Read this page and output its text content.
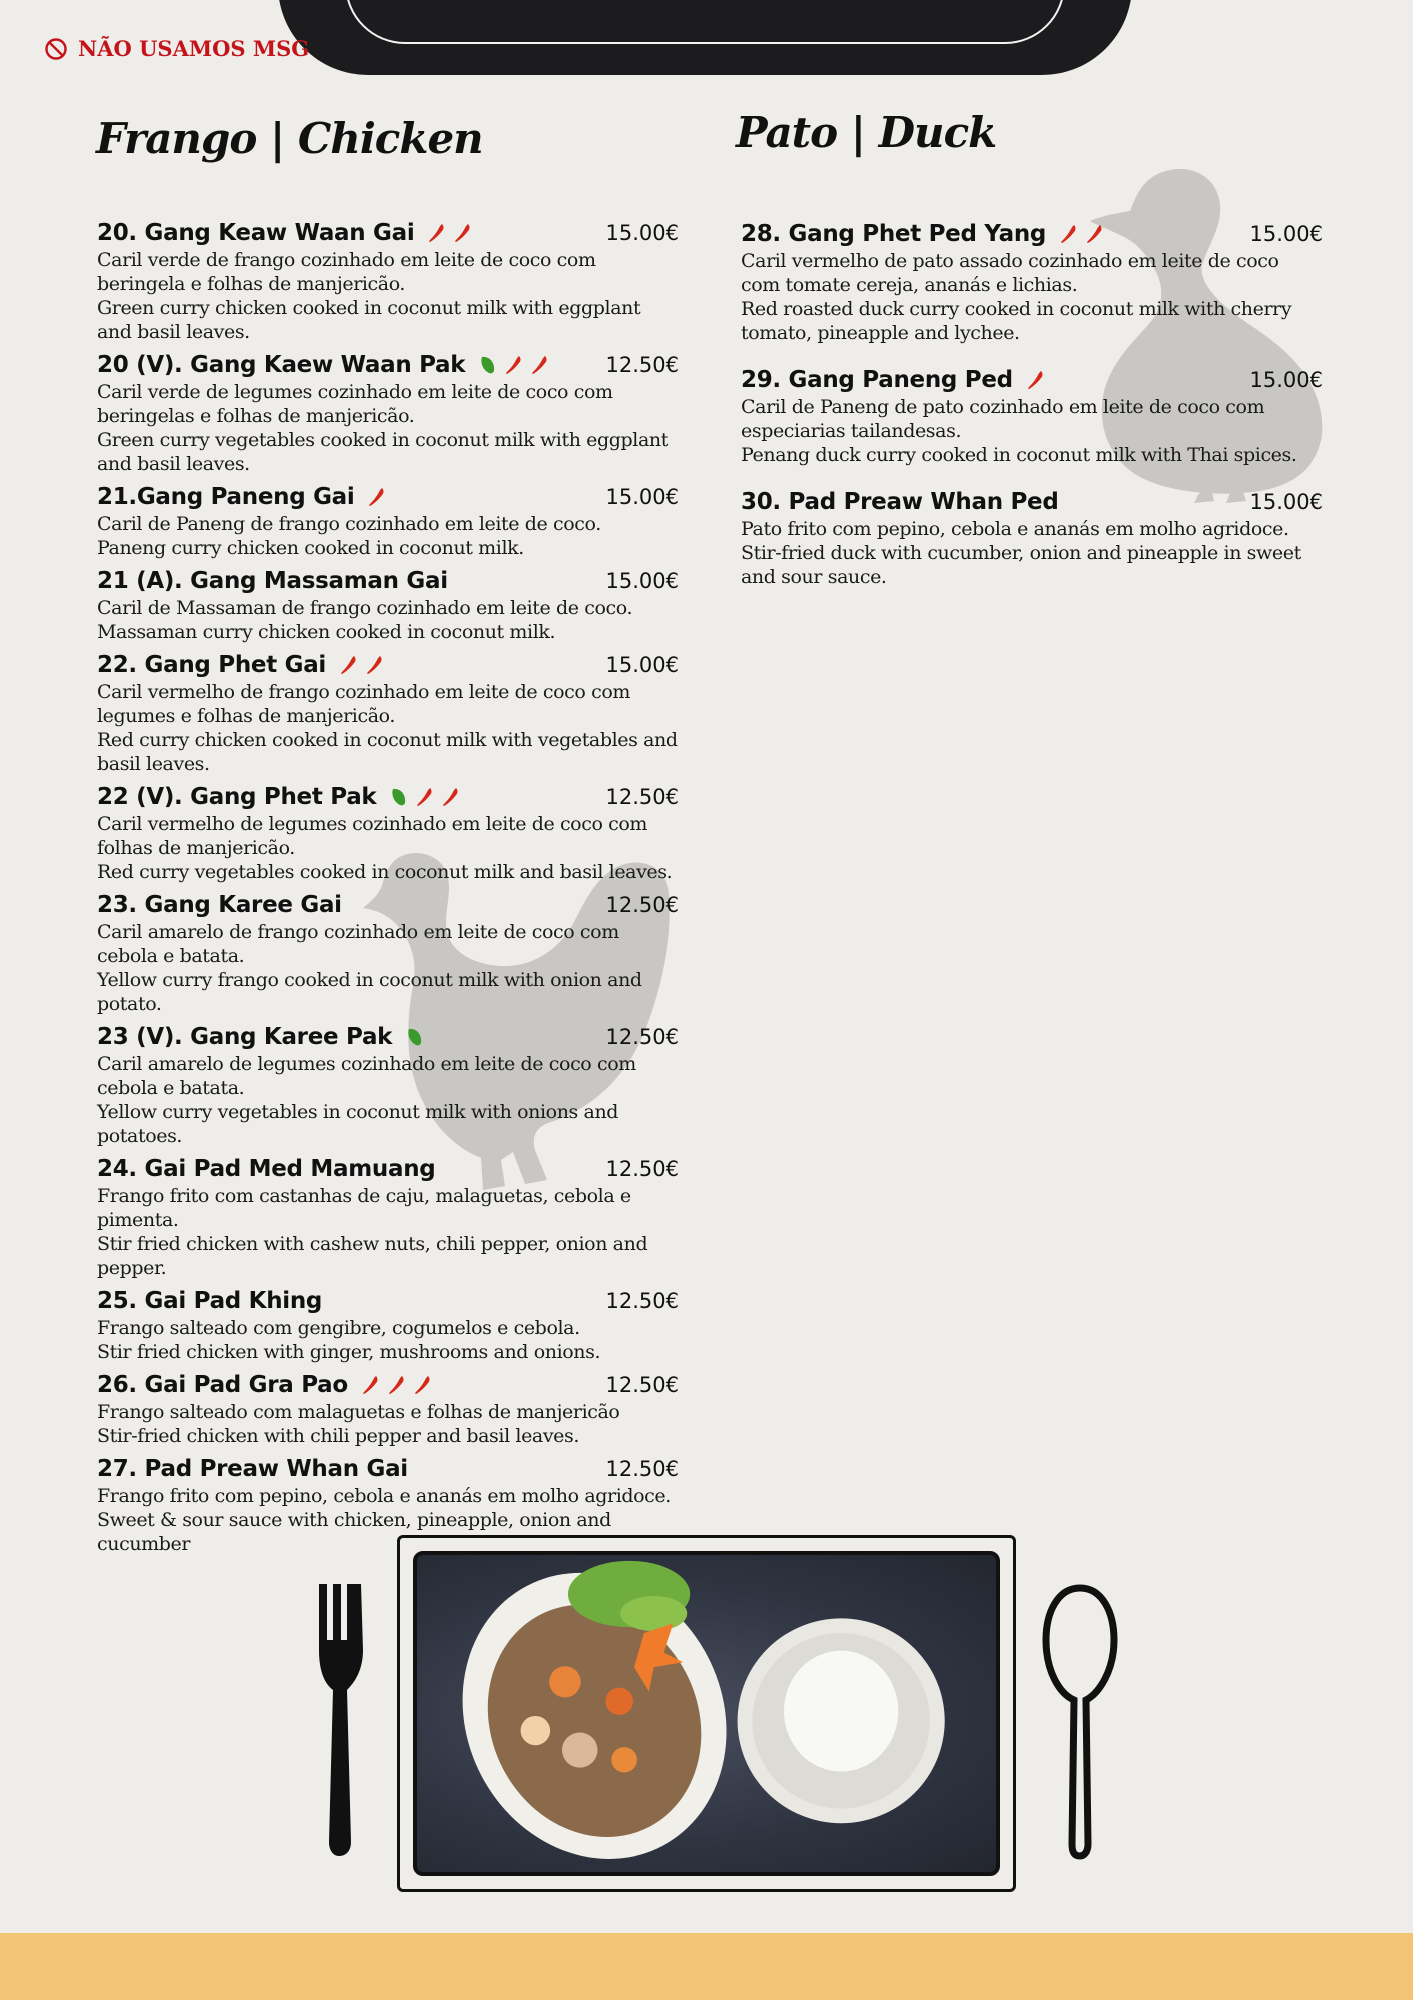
NÃO USAMOS MSG
Frango | Chicken	Pato | Duck
20. Gang Keaw Waan Gai	15.00€
Caril verde de frango cozinhado em leite de coco com beringela e folhas de manjericão.
Green curry chicken cooked in coconut milk with eggplant and basil leaves.
20 (V). Gang Kaew Waan Pak	12.50€
Caril verde de legumes cozinhado em leite de coco com beringelas e folhas de manjericão.
Green curry vegetables cooked in coconut milk with eggplant and basil leaves.
21.Gang Paneng Gai	15.00€
Caril de Paneng de frango cozinhado em leite de coco.
Paneng curry chicken cooked in coconut milk.
21 (A). Gang Massaman Gai	15.00€
Caril de Massaman de frango cozinhado em leite de coco.
Massaman curry chicken cooked in coconut milk.
22. Gang Phet Gai	15.00€
Caril vermelho de frango cozinhado em leite de coco com legumes e folhas de manjericão.
Red curry chicken cooked in coconut milk with vegetables and basil leaves.
22 (V). Gang Phet Pak	12.50€
Caril vermelho de legumes cozinhado em leite de coco com folhas de manjericão.
Red curry vegetables cooked in coconut milk and basil leaves.
23. Gang Karee Gai	12.50€
Caril amarelo de frango cozinhado em leite de coco com cebola e batata.
Yellow curry frango cooked in coconut milk with onion and potato.
23 (V). Gang Karee Pak	12.50€
Caril amarelo de legumes cozinhado em leite de coco com cebola e batata.
Yellow curry vegetables in coconut milk with onions and potatoes.
24. Gai Pad Med Mamuang	12.50€
Frango frito com castanhas de caju, malaguetas, cebola e pimenta.
Stir fried chicken with cashew nuts, chili pepper, onion and pepper.
25. Gai Pad Khing	12.50€
Frango salteado com gengibre, cogumelos e cebola.
Stir fried chicken with ginger, mushrooms and onions.
26. Gai Pad Gra Pao	12.50€
Frango salteado com malaguetas e folhas de manjericão
Stir-fried chicken with chili pepper and basil leaves.
27. Pad Preaw Whan Gai	12.50€
Frango frito com pepino, cebola e ananás em molho agridoce.
Sweet & sour sauce with chicken, pineapple, onion and cucumber
28. Gang Phet Ped Yang	15.00€
Caril vermelho de pato assado cozinhado em leite de coco com tomate cereja, ananás e lichias.
Red roasted duck curry cooked in coconut milk with cherry tomato, pineapple and lychee.
29. Gang Paneng Ped	15.00€
Caril de Paneng de pato cozinhado em leite de coco com especiarias tailandesas.
Penang duck curry cooked in coconut milk with Thai spices.
30. Pad Preaw Whan Ped	15.00€
Pato frito com pepino, cebola e ananás em molho agridoce.
Stir-fried duck with cucumber, onion and pineapple in sweet and sour sauce.
